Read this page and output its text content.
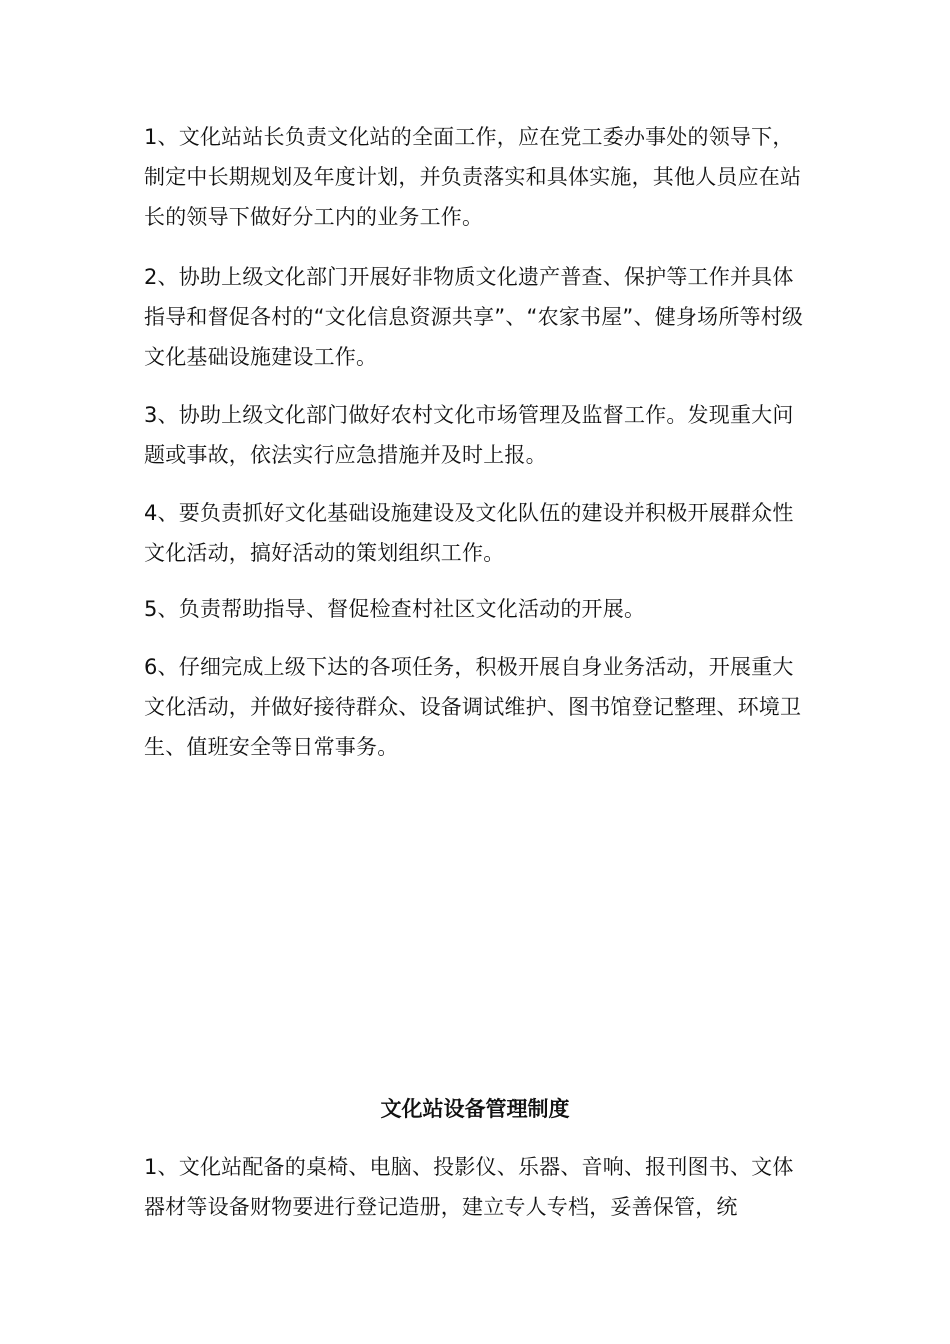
1、文化站站长负责文化站的全面工作，应在党工委办事处的领导下，制定中长期规划及年度计划，并负责落实和具体实施，其他人员应在站长的领导下做好分工内的业务工作。

2、协助上级文化部门开展好非物质文化遗产普查、保护等工作并具体指导和督促各村的“文化信息资源共享”、“农家书屋”、健身场所等村级文化基础设施建设工作。

3、协助上级文化部门做好农村文化市场管理及监督工作。发现重大问题或事故，依法实行应急措施并及时上报。

4、要负责抓好文化基础设施建设及文化队伍的建设并积极开展群众性文化活动，搞好活动的策划组织工作。

5、负责帮助指导、督促检查村社区文化活动的开展。

6、仔细完成上级下达的各项任务，积极开展自身业务活动，开展重大文化活动，并做好接待群众、设备调试维护、图书馆登记整理、环境卫生、值班安全等日常事务。

文化站设备管理制度

1、文化站配备的桌椅、电脑、投影仪、乐器、音响、报刊图书、文体器材等设备财物要进行登记造册，建立专人专档，妥善保管，统
